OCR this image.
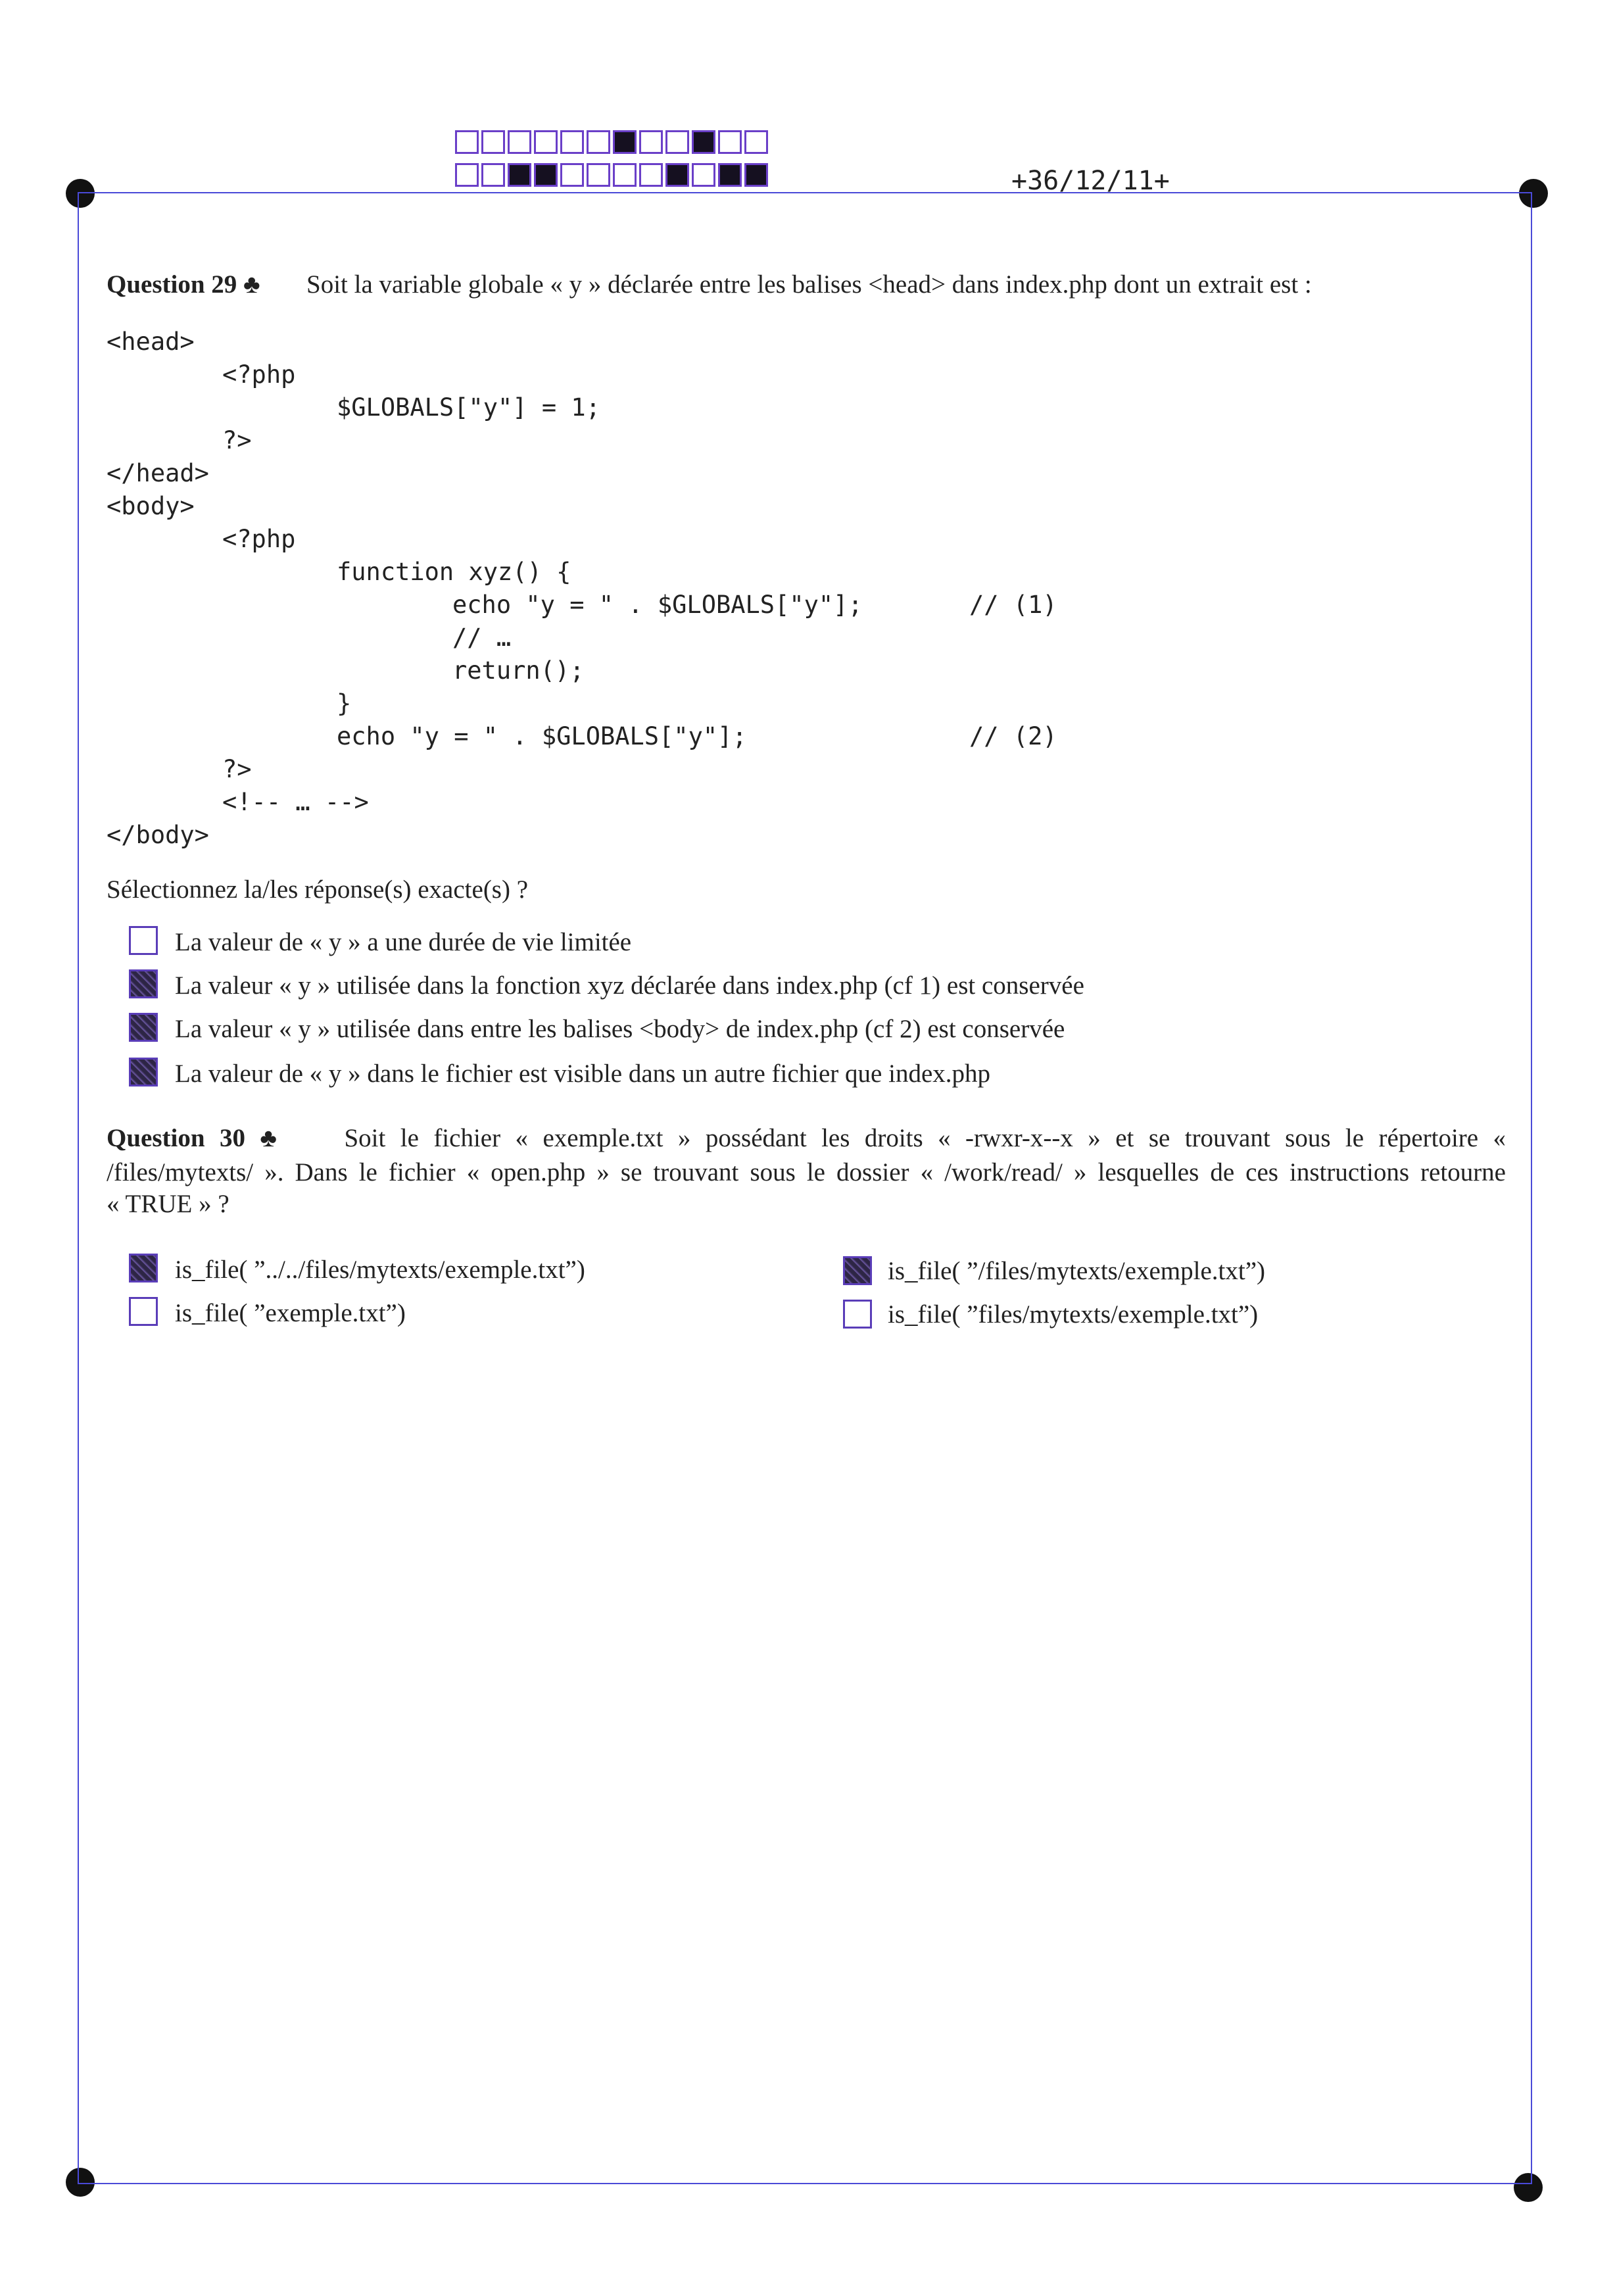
+36/12/11+
Question 29 ♣ Soit la variable globale « y » déclarée entre les balises <head> dans index.php dont un extrait est :
<head>
<?php
$GLOBALS["y"] = 1;
?>
</head>
<body>
<?php
function xyz() {
echo "y = " . $GLOBALS["y"];	// (1)
// …
return();
}
echo "y = " . $GLOBALS["y"];	// (2)
?>
<!-- … -->
</body>
Sélectionnez la/les réponse(s) exacte(s) ?
La valeur de « y » a une durée de vie limitée
La valeur « y » utilisée dans la fonction xyz déclarée dans index.php (cf 1) est conservée
La valeur « y » utilisée dans entre les balises <body> de index.php (cf 2) est conservée
La valeur de « y » dans le fichier est visible dans un autre fichier que index.php
Question 30 ♣ Soit le fichier « exemple.txt » possédant les droits « -rwxr-x--x » et se trouvant sous le répertoire «
/files/mytexts/ ». Dans le fichier « open.php » se trouvant sous le dossier « /work/read/ » lesquelles de ces instructions retourne
« TRUE » ?
is_file( ”../../files/mytexts/exemple.txt”)	is_file( ”/files/mytexts/exemple.txt”)
is_file( ”exemple.txt”)	is_file( ”files/mytexts/exemple.txt”)
